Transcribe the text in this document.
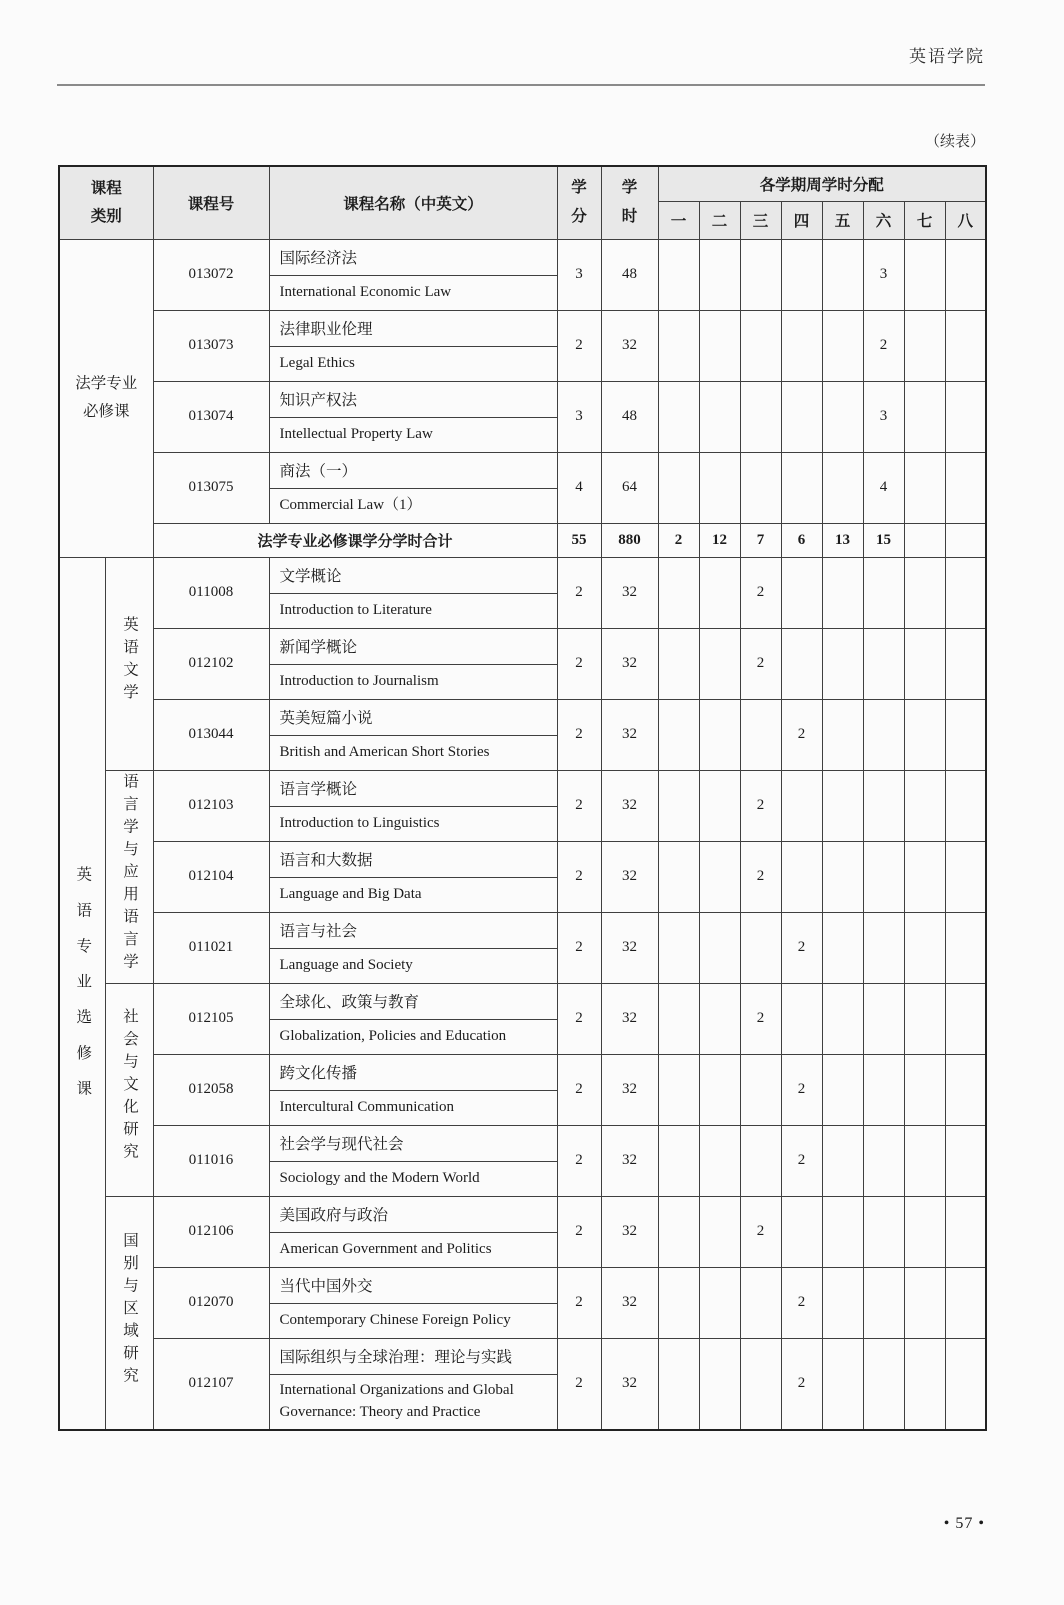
英语学院
（续表）
课程类别		课程号	课程名称（中英文）	学分	学时	各学期周学时分配							
						一	二	三	四	五	六	七	八
法学专业必修课		013072	国际经济法	3	48						3		
			International Economic Law										
		013073	法律职业伦理	2	32						2		
			Legal Ethics										
		013074	知识产权法	3	48						3		
			Intellectual Property Law										
		013075	商法（一）	4	64						4		
			Commercial Law（1）										
		法学专业必修课学分学时合计		55	880	2	12	7	6	13	15		
英语专业选修课	英语文学	011008	文学概论	2	32			2					
			Introduction to Literature										
		012102	新闻学概论	2	32			2					
			Introduction to Journalism										
		013044	英美短篇小说	2	32				2				
			British and American Short Stories										
	语言学与应用语言学	012103	语言学概论	2	32			2					
			Introduction to Linguistics										
		012104	语言和大数据	2	32			2					
			Language and Big Data										
		011021	语言与社会	2	32				2				
			Language and Society										
	社会与文化研究	012105	全球化、政策与教育	2	32			2					
			Globalization, Policies and Education										
		012058	跨文化传播	2	32				2				
			Intercultural Communication										
		011016	社会学与现代社会	2	32				2				
			Sociology and the Modern World										
	国别与区域研究	012106	美国政府与政治	2	32			2					
			American Government and Politics										
		012070	当代中国外交	2	32				2				
			Contemporary Chinese Foreign Policy										
		012107	国际组织与全球治理：理论与实践	2	32				2				
			International Organizations and Global Governance: Theory and Practice										
• 57 •
